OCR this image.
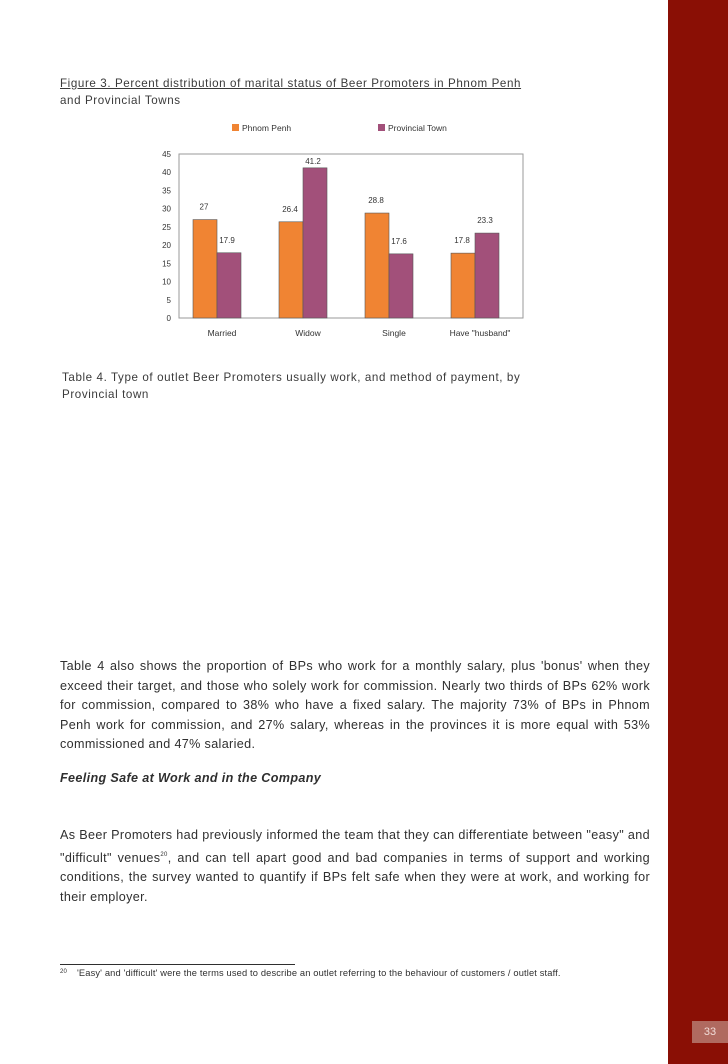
33
Figure 3. Percent distribution of marital status of Beer Promoters in Phnom Penh
and Provincial Towns
Phnom Penh	Provincial Town
0
5
10
15
20
25
30
35
40
45
27
17.9
26.4
41.2
28.8
17.6	17.8
23.3
Married	Widow	Single	Have "husband"
Table 4. Type of outlet Beer Promoters usually work, and method of payment, by
Provincial town
Table 4 also shows the proportion of BPs who work for a monthly salary, plus 'bonus' when they exceed their target, and those who solely work for commission. Nearly two thirds of BPs 62% work for commission, compared to 38% who have a fixed salary. The majority 73% of BPs in Phnom Penh work for commission, and 27% salary, whereas in the provinces it is more equal with 53% commissioned and 47% salaried.
Feeling Safe at Work and in the Company
As Beer Promoters had previously informed the team that they can differentiate between "easy" and "difficult" venues$^{20}$, and can tell apart good and bad companies in terms of support and working conditions, the survey wanted to quantify if BPs felt safe when they were at work, and working for their employer.
$^{20}$ 'Easy' and 'difficult' were the terms used to describe an outlet referring to the behaviour of customers / outlet staff.
